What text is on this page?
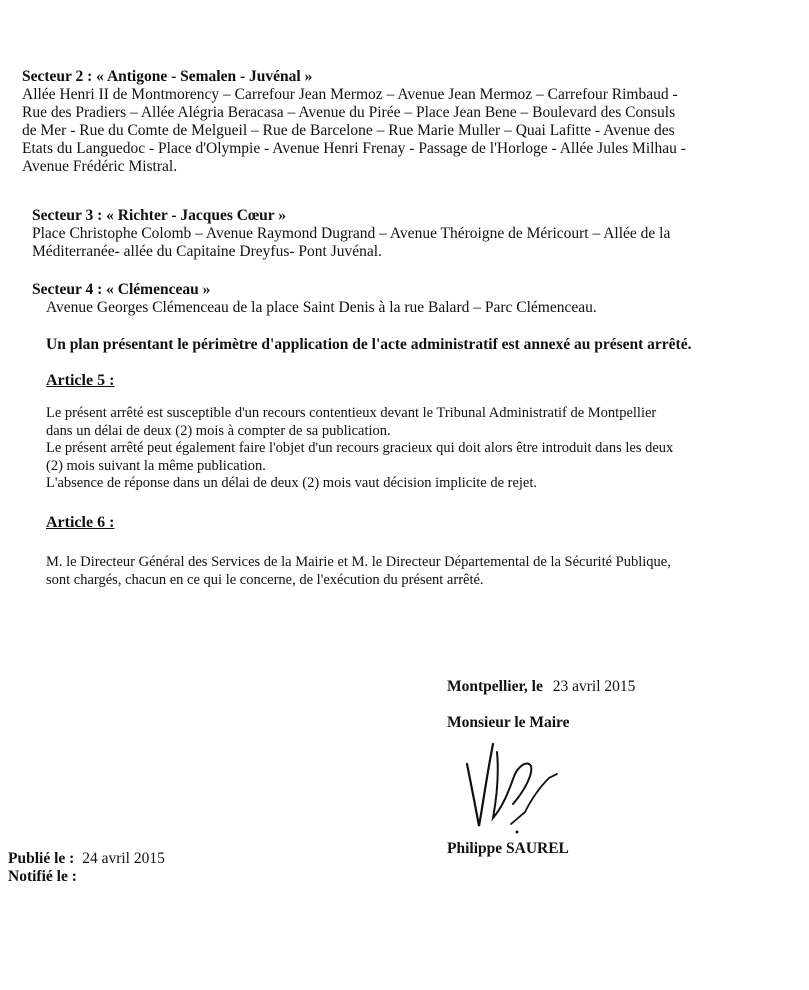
Secteur 2 : « Antigone - Semalen - Juvénal »

Allée Henri II de Montmorency – Carrefour Jean Mermoz – Avenue Jean Mermoz – Carrefour Rimbaud -

Rue des Pradiers – Allée Alégria Beracasa – Avenue du Pirée – Place Jean Bene – Boulevard des Consuls

de Mer - Rue du Comte de Melgueil – Rue de Barcelone – Rue Marie Muller – Quai Lafitte - Avenue des

Etats du Languedoc - Place d'Olympie - Avenue Henri Frenay - Passage de l'Horloge - Allée Jules Milhau -

Avenue Frédéric Mistral.

Secteur 3 : « Richter - Jacques Cœur »

Place Christophe Colomb – Avenue Raymond Dugrand – Avenue Théroigne de Méricourt – Allée de la

Méditerranée- allée du Capitaine Dreyfus- Pont Juvénal.

Secteur 4 : « Clémenceau »

Avenue Georges Clémenceau de la place Saint Denis à la rue Balard – Parc Clémenceau.

Un plan présentant le périmètre d'application de l'acte administratif est annexé au présent arrêté.
Article 5 :

Le présent arrêté est susceptible d'un recours contentieux devant le Tribunal Administratif de Montpellier

dans un délai de deux (2) mois à compter de sa publication.

Le présent arrêté peut également faire l'objet d'un recours gracieux qui doit alors être introduit dans les deux

(2) mois suivant la même publication.

L'absence de réponse dans un délai de deux (2) mois vaut décision implicite de rejet.

Article 6 :

M. le Directeur Général des Services de la Mairie et M. le Directeur Départemental de la Sécurité Publique,

sont chargés, chacun en ce qui le concerne, de l'exécution du présent arrêté.

Montpellier, le 23 avril 2015
Monsieur le Maire
Philippe SAUREL
Publié le : 24 avril 2015
Notifié le :
